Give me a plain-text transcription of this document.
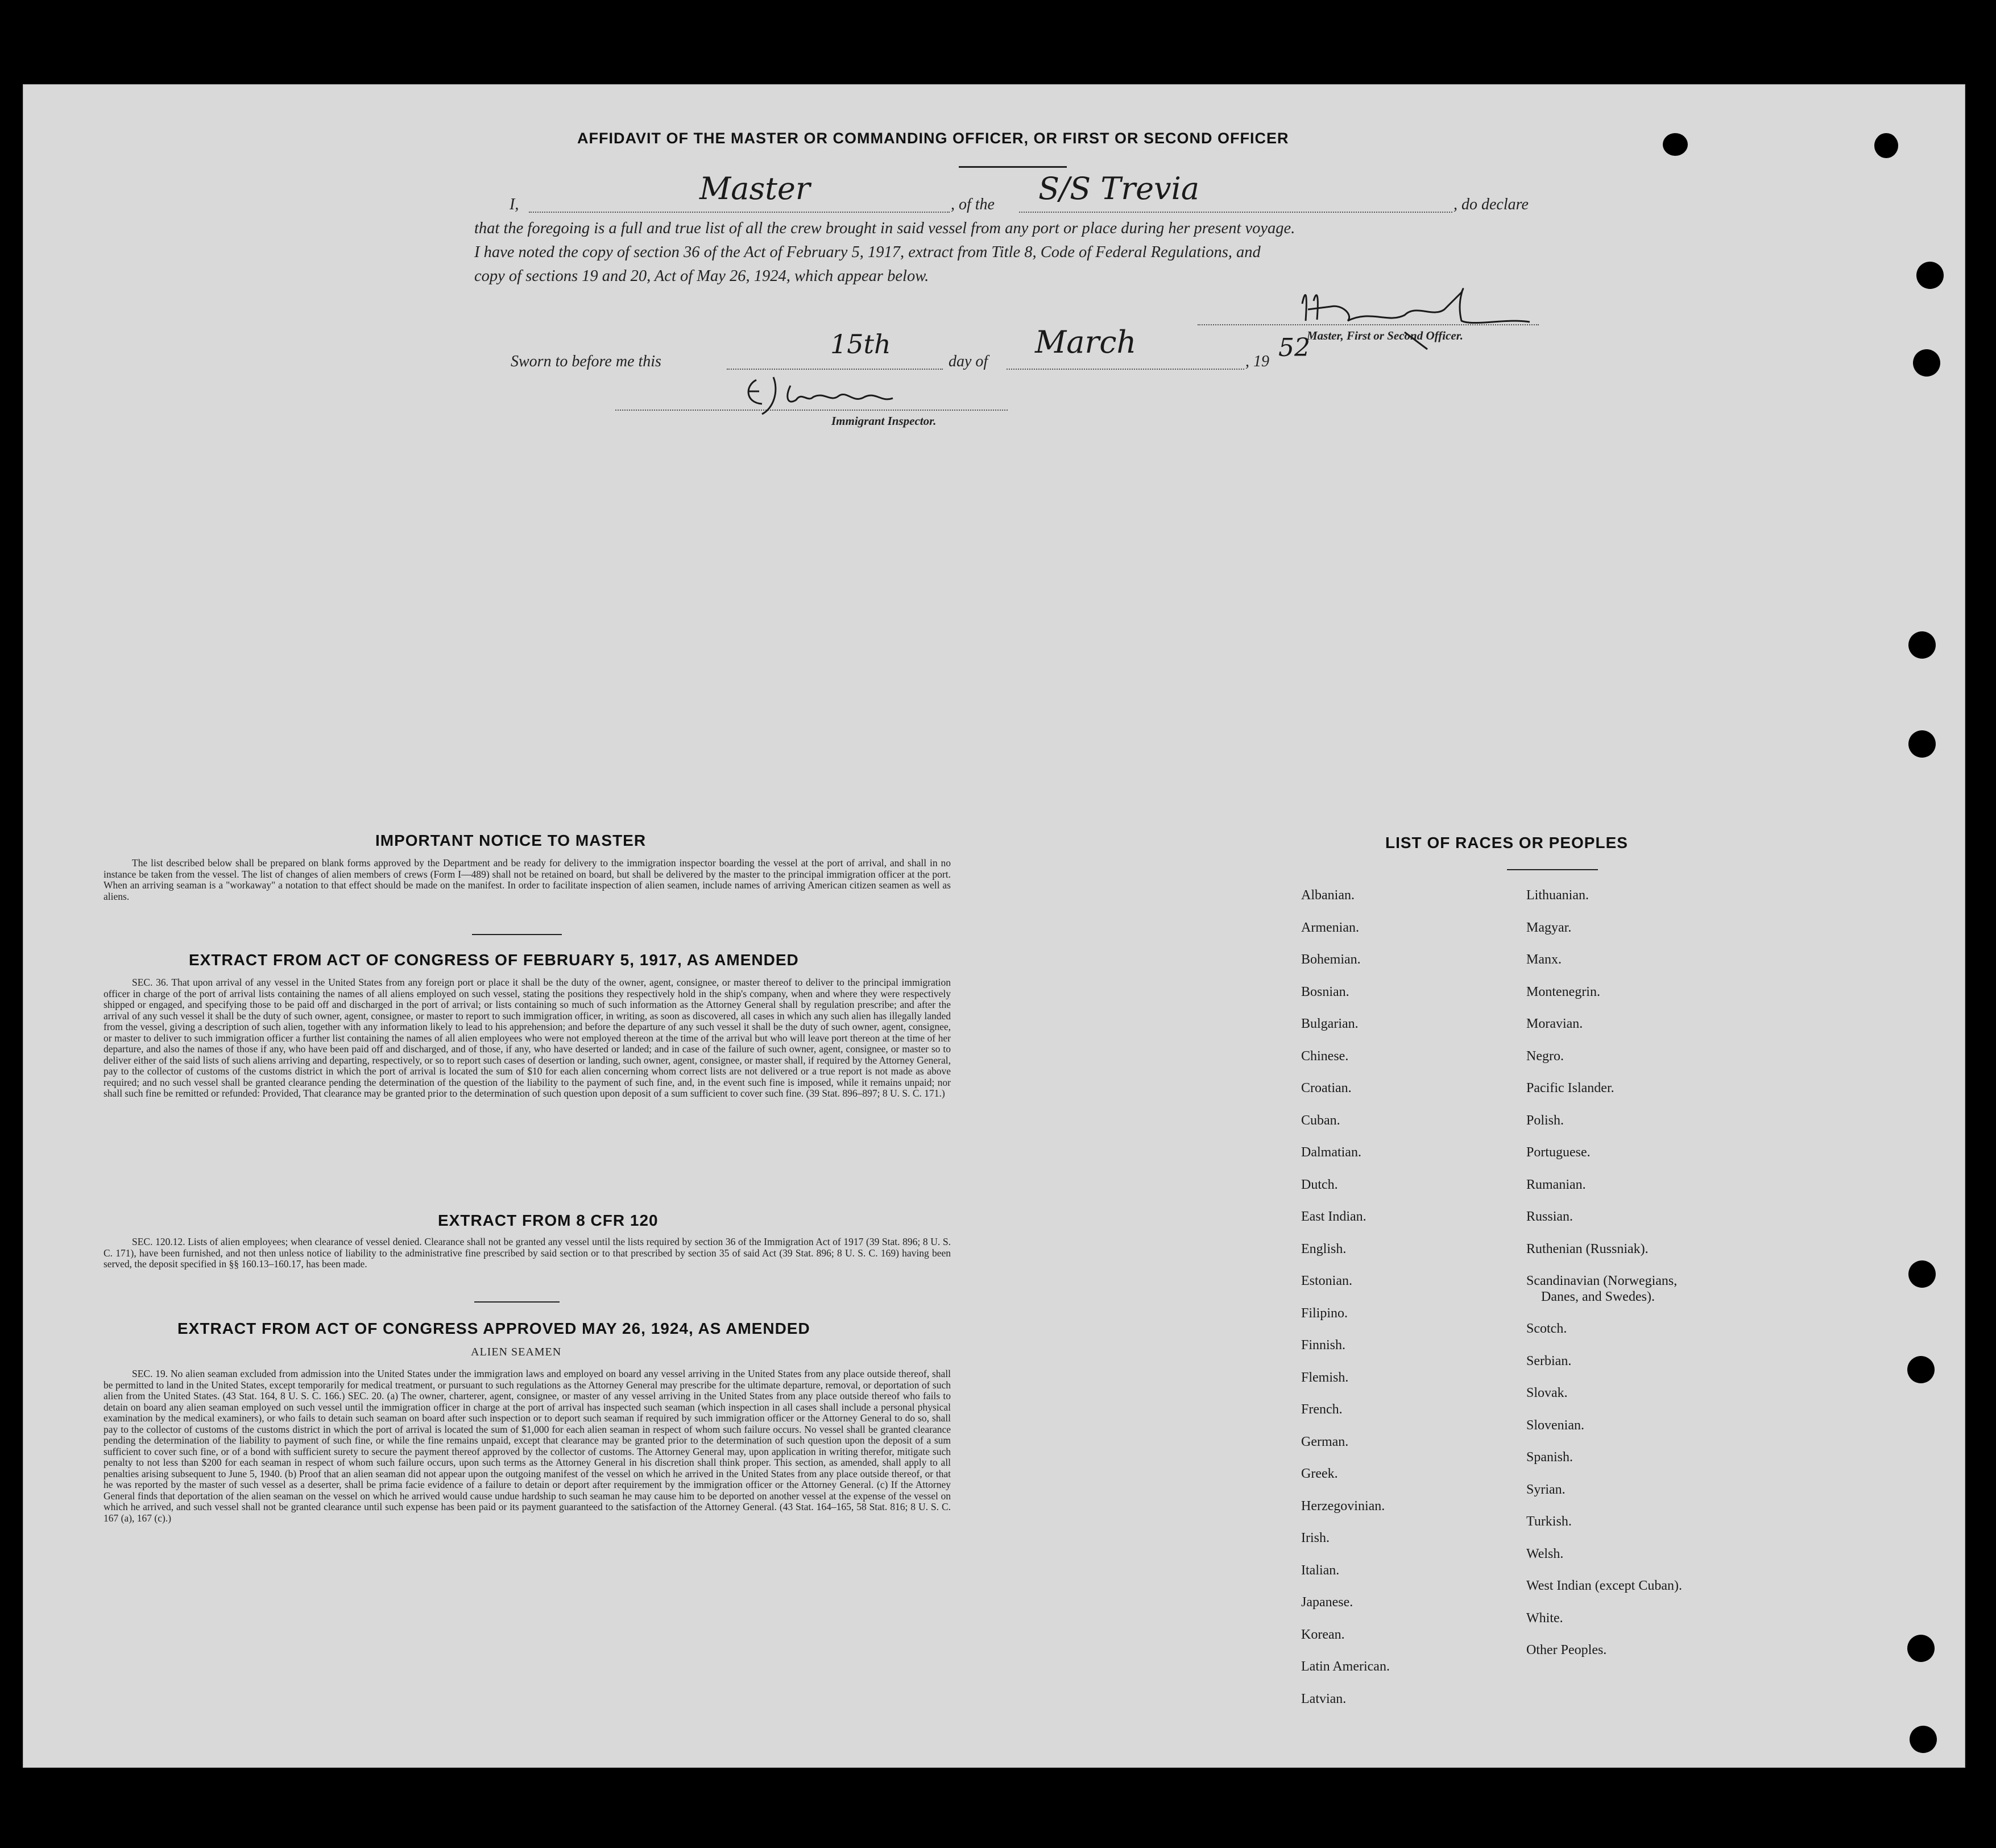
AFFIDAVIT OF THE MASTER OR COMMANDING OFFICER, OR FIRST OR SECOND OFFICER
I,	Master	, of the S/S Trevia	, do declare
that the foregoing is a full and true list of all the crew brought in said vessel from any port or place during her present voyage.
I have noted the copy of section 36 of the Act of February 5, 1917, extract from Title 8, Code of Federal Regulations, and
copy of sections 19 and 20, Act of May 26, 1924, which appear below.
Master, First or Second Officer.
Sworn to before me this
15th
day of
March
, 19 52
Immigrant Inspector.
IMPORTANT NOTICE TO MASTER
The list described below shall be prepared on blank forms approved by the Department and be ready for delivery to the immigration inspector boarding the vessel at the port of arrival, and shall in no instance be taken from the vessel. The list of changes of alien members of crews (Form I—489) shall not be retained on board, but shall be delivered by the master to the principal immigration officer at the port. When an arriving seaman is a "workaway" a notation to that effect should be made on the manifest. In order to facilitate inspection of alien seamen, include names of arriving American citizen seamen as well as aliens.
EXTRACT FROM ACT OF CONGRESS OF FEBRUARY 5, 1917, AS AMENDED
SEC. 36. That upon arrival of any vessel in the United States from any foreign port or place it shall be the duty of the owner, agent, consignee, or master thereof to deliver to the principal immigration officer in charge of the port of arrival lists containing the names of all aliens employed on such vessel, stating the positions they respectively hold in the ship's company, when and where they were respectively shipped or engaged, and specifying those to be paid off and discharged in the port of arrival; or lists containing so much of such information as the Attorney General shall by regulation prescribe; and after the arrival of any such vessel it shall be the duty of such owner, agent, consignee, or master to report to such immigration officer, in writing, as soon as discovered, all cases in which any such alien has illegally landed from the vessel, giving a description of such alien, together with any information likely to lead to his apprehension; and before the departure of any such vessel it shall be the duty of such owner, agent, consignee, or master to deliver to such immigration officer a further list containing the names of all alien employees who were not employed thereon at the time of the arrival but who will leave port thereon at the time of her departure, and also the names of those if any, who have been paid off and discharged, and of those, if any, who have deserted or landed; and in case of the failure of such owner, agent, consignee, or master so to deliver either of the said lists of such aliens arriving and departing, respectively, or so to report such cases of desertion or landing, such owner, agent, consignee, or master shall, if required by the Attorney General, pay to the collector of customs of the customs district in which the port of arrival is located the sum of $10 for each alien concerning whom correct lists are not delivered or a true report is not made as above required; and no such vessel shall be granted clearance pending the determination of the question of the liability to the payment of such fine, and, in the event such fine is imposed, while it remains unpaid; nor shall such fine be remitted or refunded: Provided, That clearance may be granted prior to the determination of such question upon deposit of a sum sufficient to cover such fine. (39 Stat. 896–897; 8 U. S. C. 171.)
EXTRACT FROM 8 CFR 120
SEC. 120.12. Lists of alien employees; when clearance of vessel denied. Clearance shall not be granted any vessel until the lists required by section 36 of the Immigration Act of 1917 (39 Stat. 896; 8 U. S. C. 171), have been furnished, and not then unless notice of liability to the administrative fine prescribed by said section or to that prescribed by section 35 of said Act (39 Stat. 896; 8 U. S. C. 169) having been served, the deposit specified in §§ 160.13–160.17, has been made.
EXTRACT FROM ACT OF CONGRESS APPROVED MAY 26, 1924, AS AMENDED
ALIEN SEAMEN
SEC. 19. No alien seaman excluded from admission into the United States under the immigration laws and employed on board any vessel arriving in the United States from any place outside thereof, shall be permitted to land in the United States, except temporarily for medical treatment, or pursuant to such regulations as the Attorney General may prescribe for the ultimate departure, removal, or deportation of such alien from the United States. (43 Stat. 164, 8 U. S. C. 166.) SEC. 20. (a) The owner, charterer, agent, consignee, or master of any vessel arriving in the United States from any place outside thereof who fails to detain on board any alien seaman employed on such vessel until the immigration officer in charge at the port of arrival has inspected such seaman (which inspection in all cases shall include a personal physical examination by the medical examiners), or who fails to detain such seaman on board after such inspection or to deport such seaman if required by such immigration officer or the Attorney General to do so, shall pay to the collector of customs of the customs district in which the port of arrival is located the sum of $1,000 for each alien seaman in respect of whom such failure occurs. No vessel shall be granted clearance pending the determination of the liability to payment of such fine, or while the fine remains unpaid, except that clearance may be granted prior to the determination of such question upon the deposit of a sum sufficient to cover such fine, or of a bond with sufficient surety to secure the payment thereof approved by the collector of customs. The Attorney General may, upon application in writing therefor, mitigate such penalty to not less than $200 for each seaman in respect of whom such failure occurs, upon such terms as the Attorney General in his discretion shall think proper. This section, as amended, shall apply to all penalties arising subsequent to June 5, 1940. (b) Proof that an alien seaman did not appear upon the outgoing manifest of the vessel on which he arrived in the United States from any place outside thereof, or that he was reported by the master of such vessel as a deserter, shall be prima facie evidence of a failure to detain or deport after requirement by the immigration officer or the Attorney General. (c) If the Attorney General finds that deportation of the alien seaman on the vessel on which he arrived would cause undue hardship to such seaman he may cause him to be deported on another vessel at the expense of the vessel on which he arrived, and such vessel shall not be granted clearance until such expense has been paid or its payment guaranteed to the satisfaction of the Attorney General. (43 Stat. 164–165, 58 Stat. 816; 8 U. S. C. 167 (a), 167 (c).)
LIST OF RACES OR PEOPLES
Albanian.
Armenian.
Bohemian.
Bosnian.
Bulgarian.
Chinese.
Croatian.
Cuban.
Dalmatian.
Dutch.
East Indian.
English.
Estonian.
Filipino.
Finnish.
Flemish.
French.
German.
Greek.
Herzegovinian.
Irish.
Italian.
Japanese.
Korean.
Latin American.
Latvian.
Lithuanian.
Magyar.
Manx.
Montenegrin.
Moravian.
Negro.
Pacific Islander.
Polish.
Portuguese.
Rumanian.
Russian.
Ruthenian (Russniak).
Scandinavian (Norwegians,
Danes, and Swedes).
Scotch.
Serbian.
Slovak.
Slovenian.
Spanish.
Syrian.
Turkish.
Welsh.
West Indian (except Cuban).
White.
Other Peoples.
